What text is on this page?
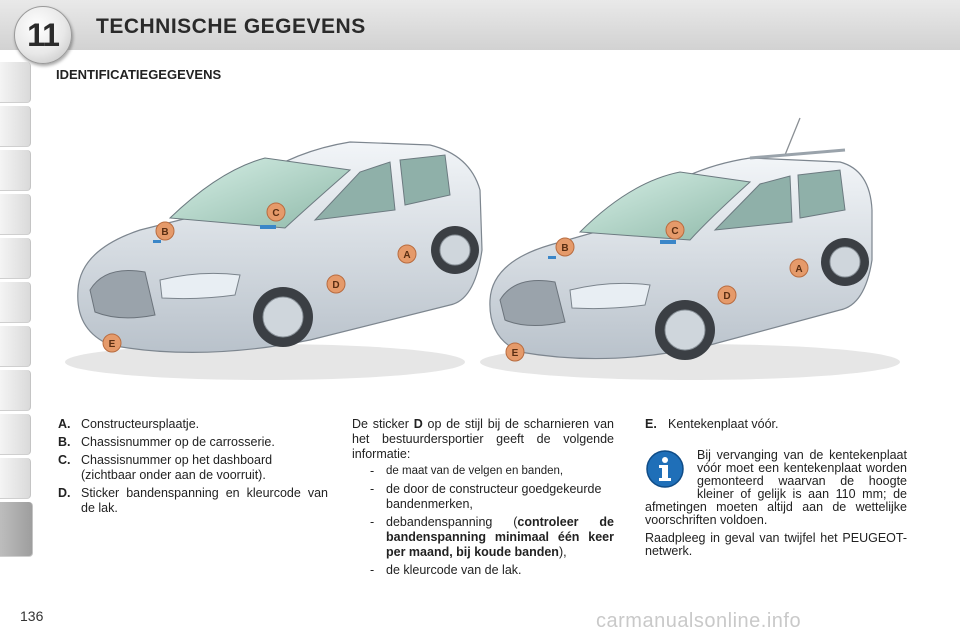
11 TECHNISCHE GEGEVENS
IDENTIFICATIEGEGEVENS
C
B
A
D
E
C
B
A
D
E
A. Constructeursplaatje.
B. Chassisnummer op de carrosserie.
C. Chassisnummer op het dashboard (zichtbaar onder aan de voorruit).
D. Sticker bandenspanning en kleurcode van de lak.
De sticker D op de stijl bij de scharnieren van het bestuurdersportier geeft de volgende informatie:
-	de maat van de velgen en banden,
- de door de constructeur goedgekeurde bandenmerken,
- debandenspanning (controleer de bandenspanning minimaal één keer per maand, bij koude banden),
- de kleurcode van de lak.
E. Kentekenplaat vóór.

Bij vervanging van de kentekenplaat vóór moet een kentekenplaat worden gemonteerd waarvan de hoogte kleiner of gelijk is aan 110 mm; de afmetingen moeten altijd aan de wettelijke voorschriften voldoen.

Raadpleeg in geval van twijfel het PEUGEOT-netwerk.

136	carmanualsonline.info
